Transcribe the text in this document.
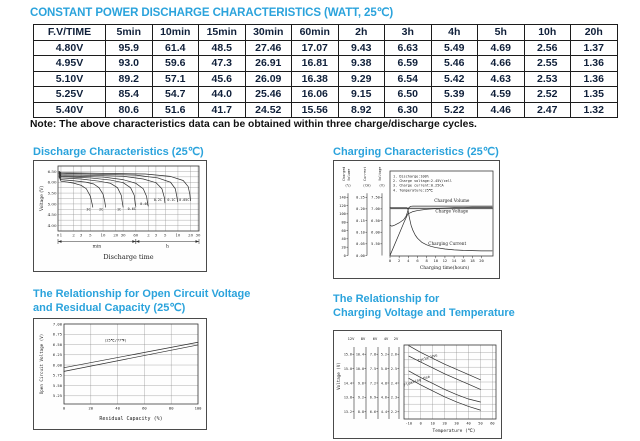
CONSTANT POWER DISCHARGE CHARACTERISTICS (WATT, 25℃)
F.V/TIME	5min	10min	15min	30min	60min	2h	3h	4h	5h	10h	20h
4.80V	95.9	61.4	48.5	27.46	17.07	9.43	6.63	5.49	4.69	2.56	1.37
4.95V	93.0	59.6	47.3	26.91	16.81	9.38	6.59	5.46	4.66	2.55	1.36
5.10V	89.2	57.1	45.6	26.09	16.38	9.29	6.54	5.42	4.63	2.53	1.36
5.25V	85.4	54.7	44.0	25.46	16.06	9.15	6.50	5.39	4.59	2.52	1.35
5.40V	80.6	51.6	41.7	24.52	15.56	8.92	6.30	5.22	4.46	2.47	1.32
Note: The above characteristics data can be obtained within three charge/discharge cycles.
Discharge Characteristics (25℃)
6.50
6.00
5.50
5.00
4.50
4.00
Voltage (V)
0 1	2 3 5 10 20 30 60 2 3 5 10 20 30
min	h
Discharge time
3C	2C	1C 0.6C
0.4C
0.2C 0.1C 0.05C
Charging Characteristics (25℃)
Charged Volume
(%)
140
120
100
80
60
40
20
0
Current
(CA)
0.25
0.20
0.15
0.10
0.05
0.00
Voltage
(V)
7.50
7.00
6.50
6.00
5.50
1. Discharge:100%
2. Charge voltage:2.45V/cell
3. Charge current:0.25CA
4. Temperature:25℃
Charged Volume
Charge Voltage
Charging Current
0 2 4 6 8 10 12 14 16 18 20
Charging time(hours)
The Relationship for Open Circuit Voltage
and Residual Capacity (25℃)
7.00
6.75
6.50
6.25
6.00
5.75
5.50
5.25
0	20	40	60	80	100
Open Circuit Voltage (V)
Residual Capacity (%)
(25℃/77℉)
The Relationship for
Charging Voltage and Temperature
Voltage (V)
12V
15.6
15.0
14.4
13.8
13.2
8V
10.4
10.0
9.6
9.2
8.8
6V
7.8
7.5
7.2
6.9
6.6
4V
5.2
5.0
4.8
4.6
4.4
2V
2.6
2.5
2.4
2.3
2.2
-10 0 10 20 30 40 50 60
Temperature (℃)
Cycle Use
Floating Use
